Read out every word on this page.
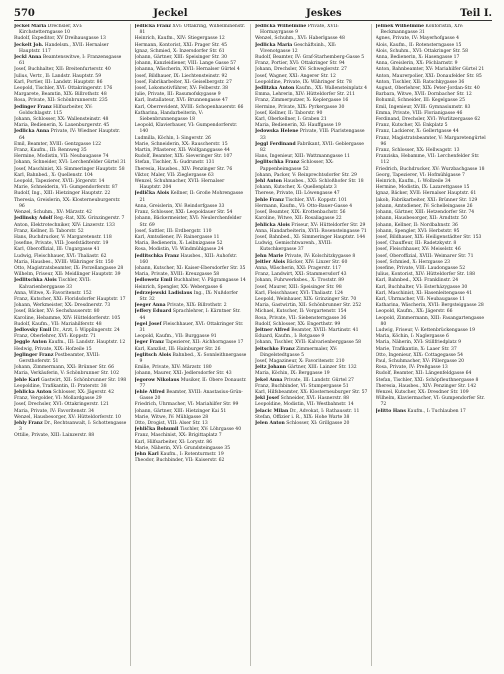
570	Jeckel	Jeskes	Teil I.

Jeckel Maria Drechsler, XVI: Kirchstetterngasse 10

Rudolf, Expeditor, XV Dreihausgasse 13

Jeckelt Joh. Handelsm., XVII: Hernalser Hauptstr. 117

Jeckl Anna Beamtenswitwe, I: Franzensgasse 61

Josef, Buchhalter, XII: Breitenfurterstr. 40

Julius, Vertr., II: Landstr. Hauptstr. 59

Karl, Portier, III: Landstr. Hauptstr. 86

Leopold, Tischler, XVI: Ottakringerstr. 176

Margarete, Beamtin, XIX: Billrothstr. 48

Rosa, Private, XII: Schönbrunnerstr. 235

Jedinger Franz Hilfsarbeiter, XV: Goldschlagstr. 115

Johann, Schlosser, XX: Wallensteinstr. 48

Maria, Bedienerin, X: Laxenburgerstr. 45

Jedlicka Anna Private, IV: Wiedner Hauptstr. 64

Emil, Beamter, XVIII: Gentzgasse 122

Franz, Kaufm., III: Rennweg 35

Hermine, Modistin, VII: Neubaugasse 74

Johann, Schneider, XVI: Lerchenfelder Gürtel 31

Josef, Maschinist, XI: Simmeringer Hauptstr. 58

Karl, Bahnbed., X: Quellenstr. 104

Leopold, Tapezierer, XVII: Jörgerstr. 14

Marie, Schneiderin, VI: Gumpendorferstr. 87

Rudolf, Ing., XIII: Hietzinger Hauptstr. 22

Theresia, Greislerin, XX: Klosterneuburgerstr. 96

Wenzel, Schuhm., XV: Märzstr. 42

Jedlinsky Adolf Reg.-Rat, XIX: Grinzingerstr. 7

Anton, Elektrotechniker, XIV: Linzerstr. 133

Franz, Kellner, II: Taborstr. 52

Hans, Buchdrucker, V: Margaretenstr. 118

Josefine, Private, VIII: Josefstädterstr. 19

Karl, Oberoffizial, III: Ungargasse 41

Ludwig, Fleischhauer, XVI: Thaliastr. 62

Maria, Hausbes., XVIII: Währinger Str. 150

Otto, Magistratsbeamter, IX: Porzellangasse 28

Wilhelm, Friseur, XII: Meidlinger Hauptstr. 39

Jedlitschka Alois Tischler, XVII: Kalvarienberggasse 33

Anna, Witwe, X: Favoritenstr. 152

Franz, Kutscher, XXI: Floridsdorfer Hauptstr. 17

Johann, Werkmeister, XX: Dresdnerstr. 73

Josef, Bäcker, XV: Sechshauserstr. 80

Karoline, Hebamme, XIV: Hütteldorferstr. 105

Rudolf, Kaufm., VII: Mariahilferstr. 48

Jedlovsky Emil Dr., Arzt, I: Wipplingerstr. 24

Franz, Oberlehrer, XVI: Koppstr. 71

Jeggle Anton Kaufm., III: Landstr. Hauptstr. 12

Hedwig, Private, XIX: Hofzeile 15

Jeglinger Franz Postbeamter, XVIII: Gersthoferstr. 51

Johann, Zimmermann, XXI: Brünner Str. 66

Maria, Verkäuferin, V: Schönbrunner Str. 102

Jehle Karl Gastwirt, XII: Schönbrunner Str. 198

Leopoldine, Trafikantin, II: Praterstr. 38

Jehlicka Anton Schlosser, XX: Jägerstr. 42

Franz, Vergolder, VI: Mollardgasse 29

Josef, Drechsler, XVI: Ottakringerstr. 121

Maria, Private, IV: Favoritenstr. 34

Wenzel, Hausbesorger, XV: Hütteldorferstr. 10

Jehly Franz Dr., Rechtsanwalt, I: Schottengasse 3

Ottilie, Private, XIII: Lainzerstr. 88

Jedlicka Franz XVI: Ottakring, Wilhelminenstr. 81

Heinrich, Kaufm., XIV: Stiegergasse 12

Hermann, Kontorist, XXI: Prager Str. 45

Ignaz, Schmied, X: Inzersdorfer Str. 61

Johann, Gärtner, XIII: Speisinger Str. 30

Johann, Kanzleidiener, VIII: Lange Gasse 57

Johanna, Wäscherin, XVII: Hernalser Gürtel 4

Josef, Bildhauer, IX: Liechtensteinstr. 92

Josef, Fabrikarbeiter, XI: Geiselbergstr. 27

Josef, Lokomotivführer, XV: Felberstr. 38

Julie, Private, III: Rasumofskygasse 9

Karl, Installateur, XVI: Brunnengasse 47

Karl, Oberrevident, XVIII: Schopenhauerstr. 66

Katharina, Handarbeiterin, V: Siebenbrunnengasse 18

Leopold, Klavierbauer, VI: Gumpendorferstr. 140

Ludmilla, Köchin, I: Singerstr. 26

Marie, Schneiderin, XX: Rauscherstr. 15

Martin, Pflasterer, XII: Wolfganggasse 44

Rudolf, Beamter, XIX: Sieveringer Str. 107

Stefan, Tischler, X: Gudrunstr. 131

Theresia, Hausbes., XIV: Penzinger Str. 76

Viktor, Maler, VII: Zieglergasse 63

Wenzel, Schuhmacher, XVII: Hernalser Hauptstr. 204

Jedlička Alois Kellner, II: Große Mohrengasse 21

Anna, Greislerin, XV: Reindorfgasse 33

Franz, Schlosser, XXI: Leopoldauer Str. 54

Johann, Bäckermeister, XVI: Neulerchenfelder Str. 69

Josef, Sattler, III: Erdbergstr. 110

Karl, Amtsdiener, IV: Rainergasse 11

Maria, Bedienerin, X: Leibnizgasse 52

Rosa, Modistin, VI: Windmühlgasse 24

Jedlitschka Franz Hausbes., XIII: Auhofstr. 160

Johann, Kutscher, XI: Kaiser-Ebersdorfer Str. 35

Maria, Private, XVIII: Kreuzgasse 58

Jedlowetz Emil Buchhalter, V: Pilgramgasse 14

Heinrich, Spengler, XX: Webergasse 6

Jedrzejewski Ladislaus Ing., IX: Nußdorfer Str. 32

Jeeger Anna Private, XIX: Billrothstr. 2

Jeffery Eduard Sprachlehrer, I: Kärntner Str. 44

Jegel Josef Fleischhauer, XVI: Ottakringer Str. 31

Leopold, Kaufm., VII: Burggasse 91

Jeger Franz Tapezierer, XII: Aichhorngasse 17

Karl, Kanzlist, III: Hainburger Str. 26

Jeglitsch Alois Bahnbed., X: Sonnleithnergasse 9

Emilie, Private, XIV: Märzstr. 180

Johann, Maurer, XXI: Jedlersdorfer Str. 43

Jegorow Nikolaus Musiker, II: Obere Donaustr. 77

Jehle Alfred Beamter, XVIII: Anastasius-Grün-Gasse 20

Friedrich, Uhrmacher, VI: Mariahilfer Str. 99

Johann, Gärtner, XIII: Hietzinger Kai 51

Marie, Witwe, IV: Mühlgasse 28

Otto, Drogist, VIII: Alser Str. 13

Jehlička Bohumil Tischler, XV: Löhrgasse 40

Franz, Maschinist, XX: Brigittaplatz 7

Karl, Hilfsarbeiter, XI: Lorystr. 86

Marie, Näherin, XVI: Grundsteingasse 35

Jehn Karl Kaufm., I: Rotenturmstr. 19

Theodor, Buchbinder, VII: Kaiserstr. 62

Jedlicka Wilhelmine Private, XVII: Hormayrgasse 9

Wenzel, Schuhm., XVI: Haberlgasse 48

Jedlicka Maria Geschäftsinh., XII: Vivenotgasse 12

Rudolf, Beamter, IV: Graf-Starhemberg-Gasse 5

Franz, Portier, XVI: Ottakringer Str. 94

Johann, Drechsler, XV: Schweglerstr. 27

Josef, Wagner, XXI: Angerer Str. 12

Leopoldine, Private, IX: Währinger Str. 78

Jedlitzka Anton Kaufm., XX: Wallensteinplatz 4

Emma, Lehrerin, XIV: Hütteldorfer Str. 211

Franz, Zimmerputzer, X: Keplergasse 16

Hermine, Private, XIX: Pyrkergasse 30

Josef, Kellner, II: Taborstr. 90

Karl, Oberkellner, I: Graben 21

Maria, Bedienerin, XI: Hauffgasse 19

Jedowska Helene Private, VIII: Piaristengasse 33

Jeggl Ferdinand Fabrikant, XVII: Geblergasse 82

Hans, Ingenieur, XIII: Wattmanngasse 11

Jeglitschka Franz Schlosser, XX: Pappenheimgasse 52

Johann, Packer, V: Reinprechtsdorfer Str. 29

Jehl Anton Hausbes., XXI: Schloßhofer Str. 18

Johann, Kutscher, X: Quellenplatz 3

Therese, Private, III: Löwengasse 47

Jehle Franz Tischler, XVI: Koppstr. 101

Hermann, Kaufm., VI: Otto-Bauer-Gasse 4

Josef, Beamter, XIX: Krottenbachstr. 56

Karoline, Witwe, XII: Rosaliagasse 22

Jehlicka Alois Friseur, XV: Hütteldorfer Str. 29

Anna, Handarbeiterin, XVII: Rosensteingasse 71

Josef, Bahnbed., XI: Simmeringer Hauptstr. 144

Ludwig, Gemischtwarenh., XVIII: Kutschkergasse 37

Jehn Marie Private, IV: Kolschitzkygasse 8

Jeitler Alois Bäcker, XIV: Linzer Str. 60

Anna, Wäscherin, XXI: Pragerstr. 117

Franz, Landwirt, XXI: Stammersdorf 43

Johann, Fuhrwerksbes., X: Troststr. 89

Josef, Maurer, XIII: Speisinger Str. 98

Karl, Fleischhauer, XVI: Thaliastr. 124

Leopold, Weinhauer, XIX: Grinzinger Str. 70

Maria, Gastwirtin, XII: Schönbrunner Str. 252

Michael, Kutscher, II: Vorgartenstr. 154

Rosa, Private, VII: Siebensterngasse 36

Rudolf, Schlosser, XX: Engerthstr. 99

Jeitner Alfred Beamter, XVIII: Martinstr. 41

Eduard, Kaufm., I: Rotgasse 9

Johann, Tischler, XVII: Kalvarienberggasse 58

Jeitschko Franz Zimmermaler, XV: Dingelstedtgasse 5

Josef, Magazineur, X: Favoritenstr. 210

Jeitz Johann Gärtner, XIII: Lainzer Str. 132

Maria, Köchin, IX: Berggasse 19

Jekel Anna Private, III: Landstr. Gürtel 27

Franz, Buchbinder, VI: Stumpergasse 51

Karl, Hilfsbeamter, XX: Klosterneuburger Str. 57

Jekl Josef Schneider, XVI: Hasnerstr. 88

Leopoldine, Modistin, VII: Westbahnstr. 14

Jelacic Milan Dr., Advokat, I: Rathausstr. 11

Stefan, Offizier i. R., XIX: Hohe Warte 38

Jelen Anton Schlosser, XI: Grillgasse 20

Jelinek Wilhelmine Kontoristin, XIV: Beckmanngasse 31

Agnes, Private, IV: Mayerhofgasse 4

Alois, Kaufm., II: Rotensterngasse 15

Alois, Schuhm., XVI: Ottakringer Str. 58

Anna, Bedienerin, X: Hasengasse 17

Anna, Greislerin, XX: Pöchlarnstr. 9

Anton, Bahnbeamter, XV: Mariahilfer Gürtel 21

Anton, Maurerpolier, XXI: Donaufelder Str. 85

Anton, Tischler, XII: Ratschkygasse 36

August, Oberlehrer, XIX: Peter-Jordan-Str. 40

Barbara, Witwe, XVII: Dornbacher Str. 12

Bohumil, Schneider, III: Kegelgasse 25

Emil, Ingenieur, XVIII: Gymnasiumstr. 83

Emma, Private, VIII: Florianigasse 46

Ferdinand, Drechsler, XVI: Wurlitzergasse 62

Franz, Kutscher, XI: Enkplatz 5

Franz, Lackierer, X: Gellertgasse 44

Franz, Magistratsbeamter, V: Margaretengürtel 96

Franz, Schlosser, XX: Hellwagstr. 13

Franziska, Hebamme, VII: Lerchenfelder Str. 112

Friedrich, Buchdrucker, XV: Wurzbachgasse 18

Georg, Tapezierer, VI: Hofmühlgasse 7

Heinrich, Kaufm., I: Wollzeile 34

Hermine, Modistin, IX: Lazarettgasse 15

Ignaz, Bäcker, XVII: Hernalser Hauptstr. 61

Jakob, Fabrikarbeiter, XXI: Brünner Str. 129

Johann, Amtsdiener, IV: Schelleingasse 26

Johann, Gärtner, XIII: Hetzendorfer Str. 74

Johann, Hausbesorger, XII: Arndtstr. 50

Johann, Kellner, II: Nordbahnstr. 36

Johann, Spengler, XVI: Herbststr. 95

Josef, Bildhauer, XIX: Heiligenstädter Str. 153

Josef, Chauffeur, III: Radetzkystr. 8

Josef, Fleischhauer, XV: Meiselstr. 46

Josef, Oberoffizial, XVIII: Weimarer Str. 71

Josef, Schmied, X: Herzgasse 23

Josefine, Private, VIII: Laudongasse 52

Julius, Kontorist, XIV: Hütteldorfer Str. 188

Karl, Bahnbed., XXI: Franklinstr. 24

Karl, Buchhalter, VI: Esterházygasse 30

Karl, Maschinist, XI: Hasenleitengasse 41

Karl, Uhrmacher, VII: Neubaugasse 11

Katharina, Wäscherin, XVII: Bergsteiggasse 28

Leopold, Kaufm., XX: Jägerstr. 66

Leopold, Zimmermann, XIII: Fasangartengasse 80

Ludwig, Friseur, V: Kettenbrückengasse 19

Maria, Köchin, I: Naglergasse 6

Maria, Näherin, XVI: Stillfriedplatz 9

Marie, Trafikantin, X: Laaer Str. 37

Otto, Ingenieur, XIX: Cottagegasse 54

Paul, Schuhmacher, XV: Pillergasse 20

Rosa, Private, IV: Preßgasse 13

Rudolf, Beamter, XII: Längenfeldgasse 64

Stefan, Tischler, XXI: Schöpfleuthnergasse 8

Theresia, Hausbes., XIV: Penzinger Str. 142

Wenzel, Kutscher, XX: Dresdner Str. 109

Wilhelm, Klaviermacher, VI: Gumpendorfer Str. 72

Jelitto Hans Kaufm., I: Tuchlauben 17
